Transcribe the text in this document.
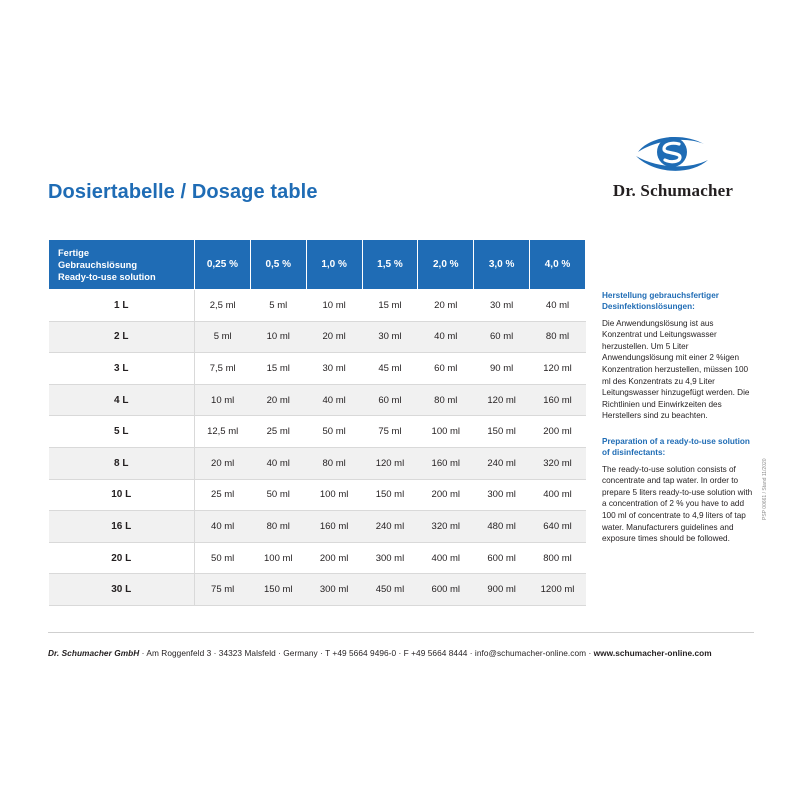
Dr. Schumacher
Dosiertabelle / Dosage table
Fertige
Gebrauchslösung
Ready-to-use solution	0,25 %	0,5 %	1,0 %	1,5 %	2,0 %	3,0 %	4,0 %
1 L	2,5 ml	5 ml	10 ml	15 ml	20 ml	30 ml	40 ml
2 L	5 ml	10 ml	20 ml	30 ml	40 ml	60 ml	80 ml
3 L	7,5 ml	15 ml	30 ml	45 ml	60 ml	90 ml	120 ml
4 L	10 ml	20 ml	40 ml	60 ml	80 ml	120 ml	160 ml
5 L	12,5 ml	25 ml	50 ml	75 ml	100 ml	150 ml	200 ml
8 L	20 ml	40 ml	80 ml	120 ml	160 ml	240 ml	320 ml
10 L	25 ml	50 ml	100 ml	150 ml	200 ml	300 ml	400 ml
16 L	40 ml	80 ml	160 ml	240 ml	320 ml	480 ml	640 ml
20 L	50 ml	100 ml	200 ml	300 ml	400 ml	600 ml	800 ml
30 L	75 ml	150 ml	300 ml	450 ml	600 ml	900 ml	1200 ml
Herstellung gebrauchsfertiger Desinfektionslösungen:

Die Anwendungslösung ist aus Konzentrat und Leitungswasser herzustellen. Um 5 Liter Anwendungslösung mit einer 2 %igen Konzentration herzustellen, müssen 100 ml des Konzentrats zu 4,9 Liter Leitungswasser hinzugefügt werden. Die Richtlinien und Einwirkzeiten des Herstellers sind zu beachten.

Preparation of a ready-to-use solution of disinfectants:

The ready-to-use solution consists of concentrate and tap water. In order to prepare 5 liters ready-to-use solution with a concentration of 2 % you have to add 100 ml of concentrate to 4,9 liters of tap water. Manufacturers guidelines and exposure times should be followed.

PSP 00661 / Stand 11/2020
Dr. Schumacher GmbH · Am Roggenfeld 3 · 34323 Malsfeld · Germany · T +49 5664 9496-0 · F +49 5664 8444 · info@schumacher-online.com · www.schumacher-online.com
